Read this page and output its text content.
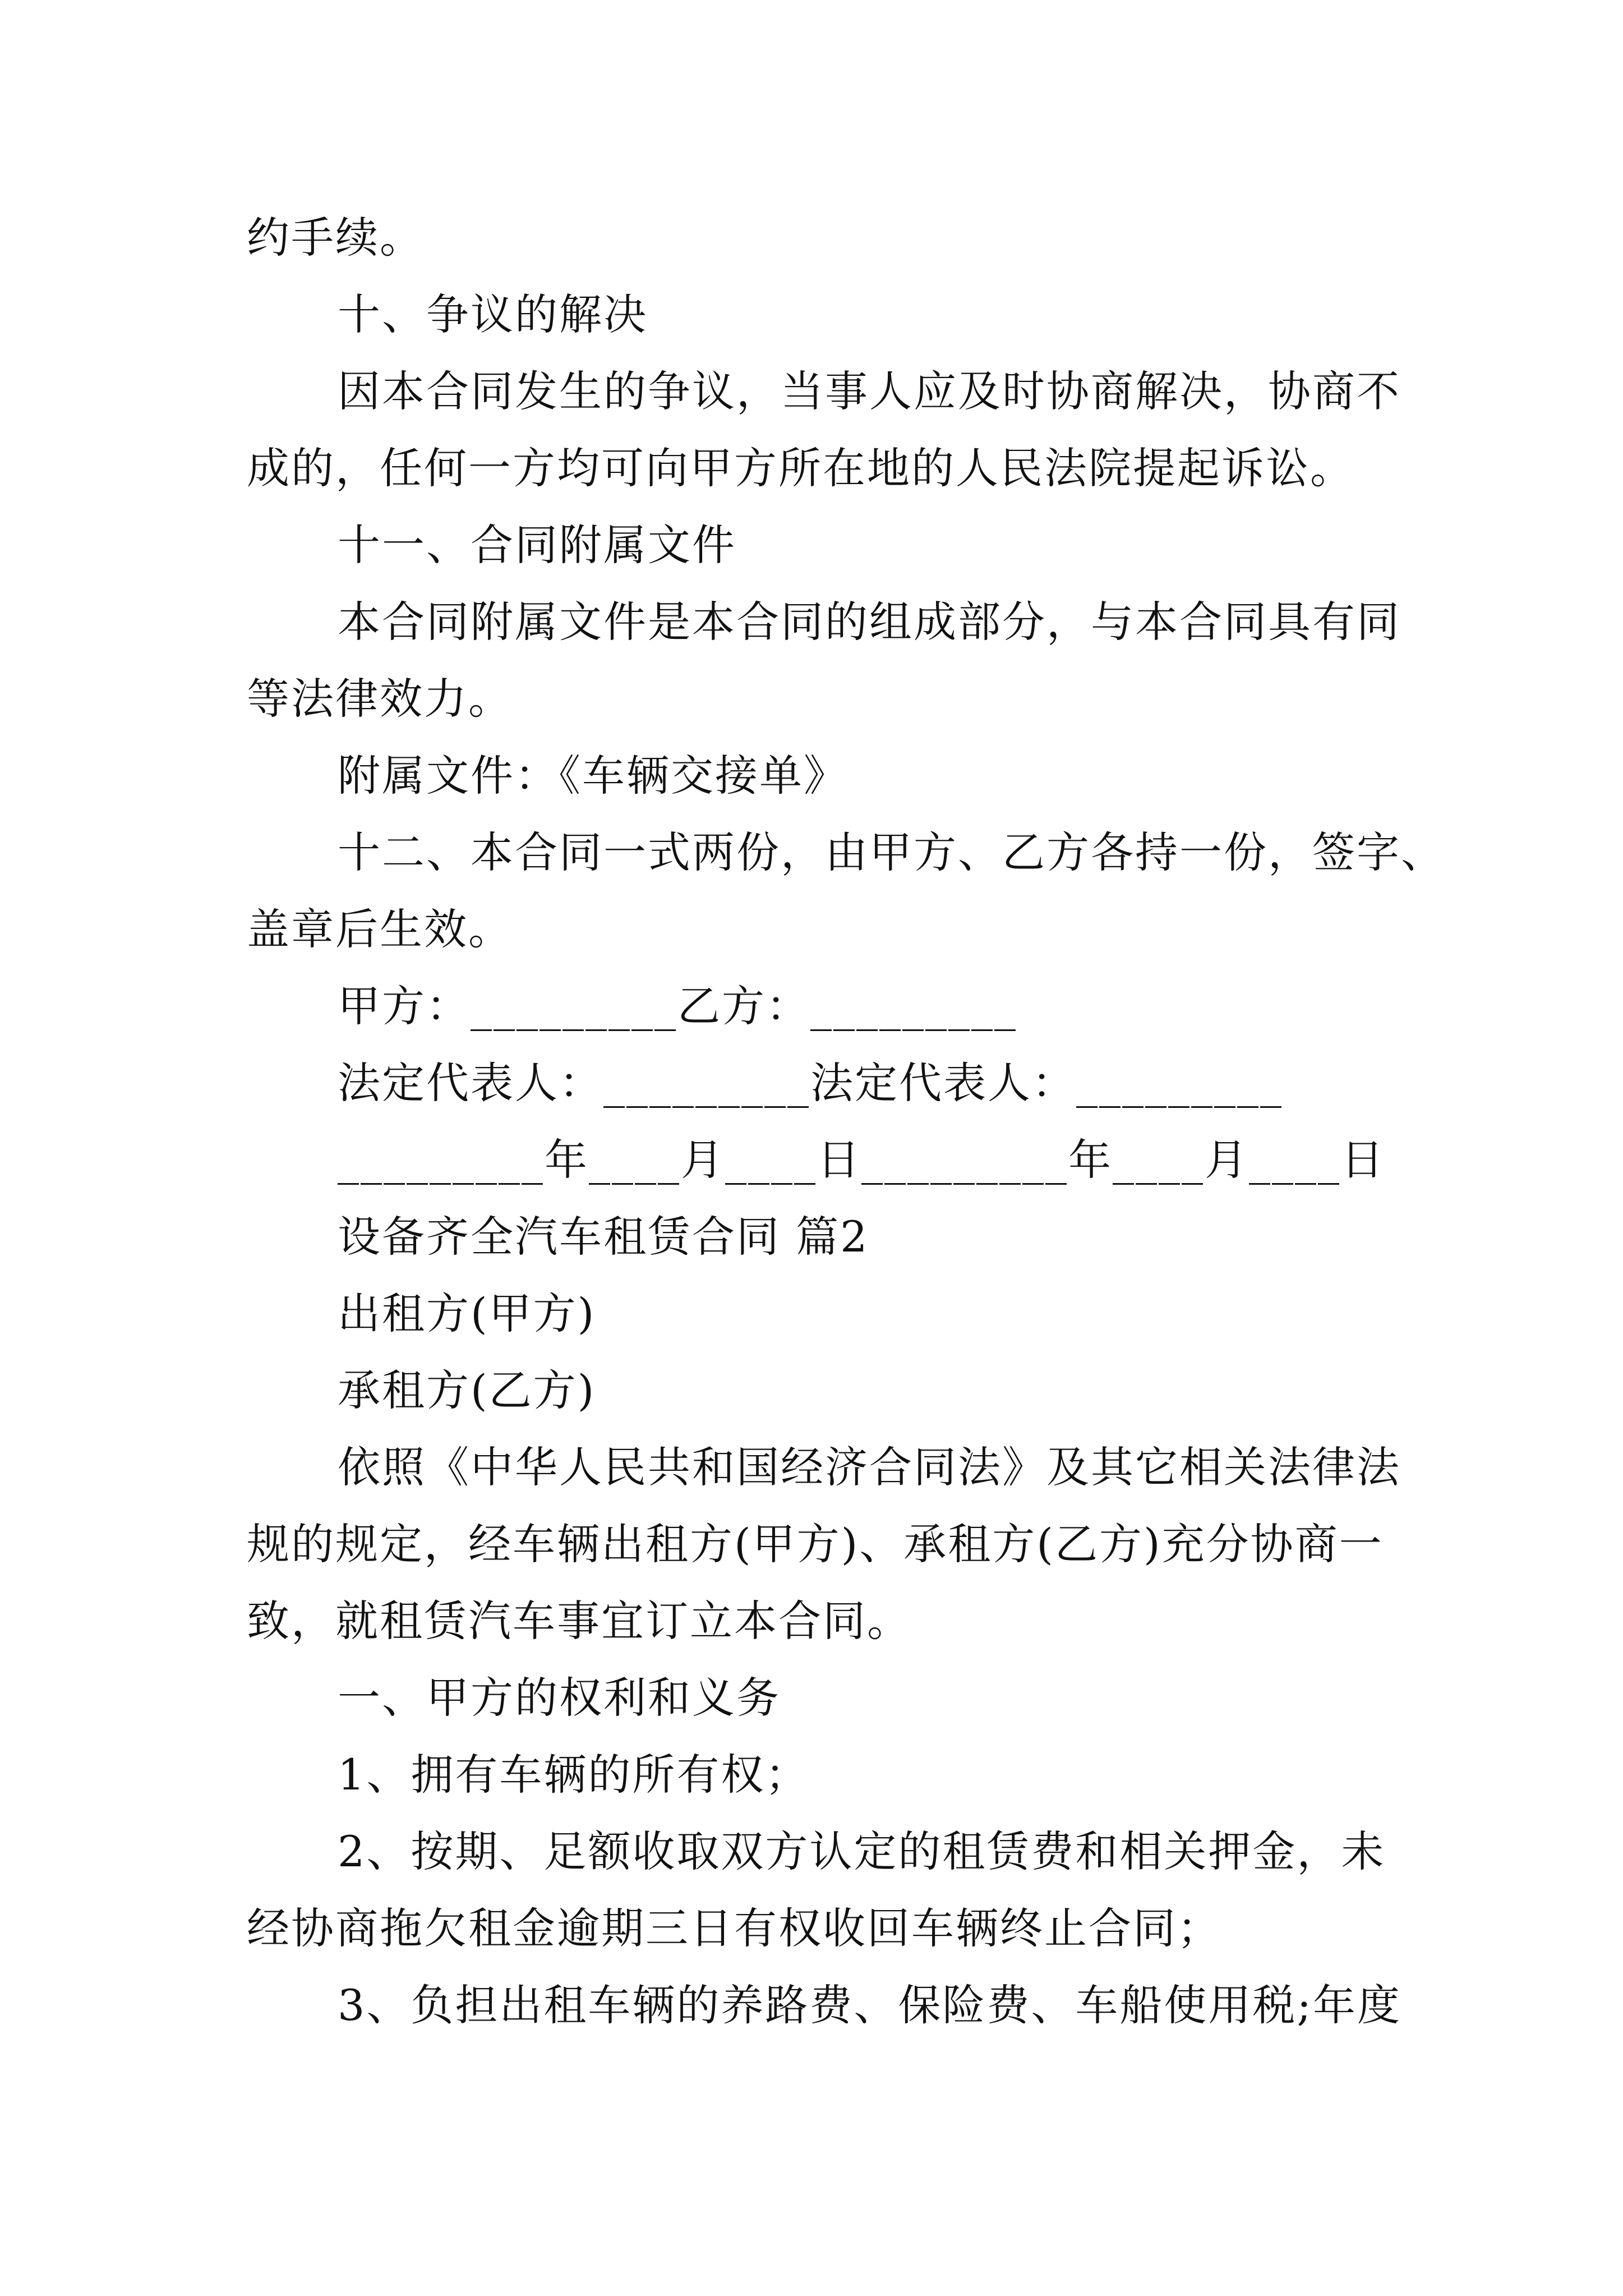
约手续。
十、争议的解决
因本合同发生的争议，当事人应及时协商解决，协商不
成的，任何一方均可向甲方所在地的人民法院提起诉讼。
十一、合同附属文件
本合同附属文件是本合同的组成部分，与本合同具有同
等法律效力。
附属文件：《车辆交接单》
十二、本合同一式两份，由甲方、乙方各持一份，签字、
盖章后生效。
甲方：_________乙方：_________
法定代表人：_________法定代表人：_________
_________年____月____日_________年____月____日
设备齐全汽车租赁合同 篇2
出租方(甲方)
承租方(乙方)
依照《中华人民共和国经济合同法》及其它相关法律法
规的规定，经车辆出租方(甲方)、承租方(乙方)充分协商一
致，就租赁汽车事宜订立本合同。
一、甲方的权利和义务
1、拥有车辆的所有权；
2、按期、足额收取双方认定的租赁费和相关押金，未
经协商拖欠租金逾期三日有权收回车辆终止合同；
3、负担出租车辆的养路费、保险费、车船使用税;年度
